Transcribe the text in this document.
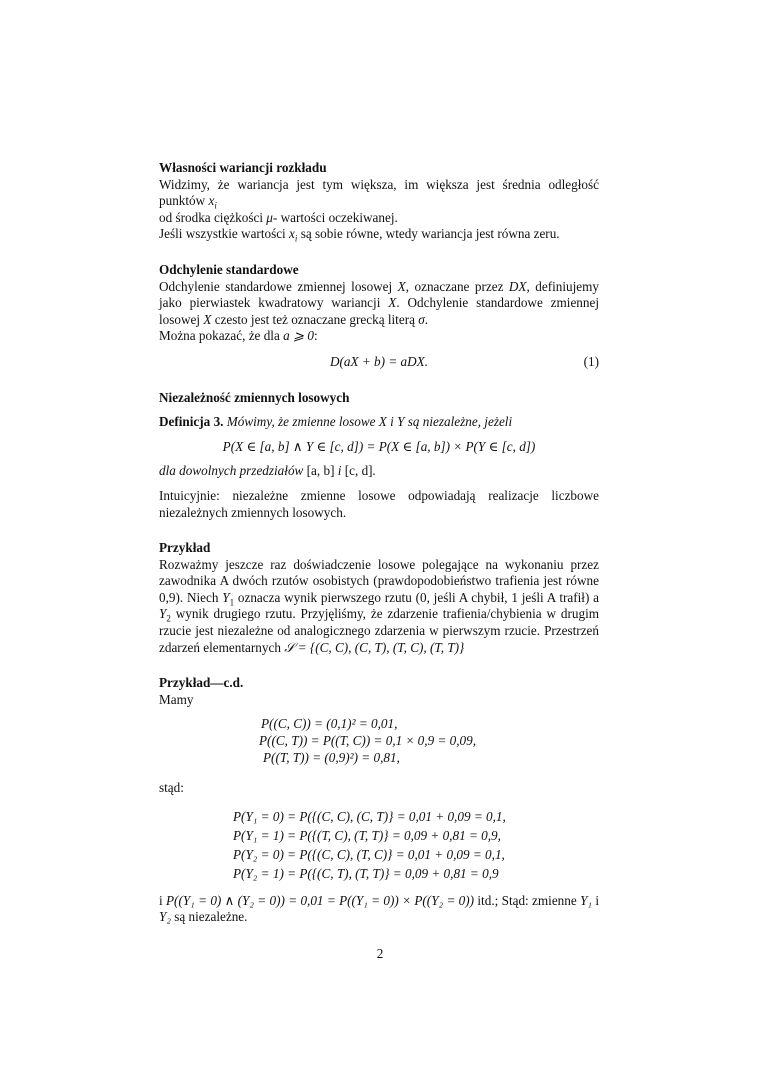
Własności wariancji rozkładu

Widzimy, że wariancja jest tym większa, im większa jest średnia odległość punktów $x_i$
od środka ciężkości μ- wartości oczekiwanej.
Jeśli wszystkie wartości $x_i$ są sobie równe, wtedy wariancja jest równa zeru.

Odchylenie standardowe

Odchylenie standardowe zmiennej losowej X, oznaczane przez DX, definiujemy jako pierwiastek kwadratowy wariancji X. Odchylenie standardowe zmiennej losowej X czesto jest też oznaczane grecką literą σ.
Można pokazać, że dla a ⩾ 0:

D(aX + b) = aDX.	(1)

Niezależność zmiennych losowych

Definicja 3. Mówimy, że zmienne losowe X i Y są niezależne, jeżeli

P(X ∈ [a, b] ∧ Y ∈ [c, d]) = P(X ∈ [a, b]) × P(Y ∈ [c, d])

dla dowolnych przedziałów [a, b] i [c, d].

Intuicyjnie: niezależne zmienne losowe odpowiadają realizacje liczbowe niezależnych zmiennych losowych.

Przykład

Rozważmy jeszcze raz doświadczenie losowe polegające na wykonaniu przez zawodnika A dwóch rzutów osobistych (prawdopodobieństwo trafienia jest równe 0,9). Niech $Y_1$ oznacza wynik pierwszego rzutu (0, jeśli A chybił, 1 jeśli A trafił) a $Y_2$ wynik drugiego rzutu. Przyjęliśmy, że zdarzenie trafienia/chybienia w drugim rzucie jest niezależne od analogicznego zdarzenia w pierwszym rzucie. Przestrzeń zdarzeń elementarnych 𝒮 = {(C, C), (C, T), (T, C), (T, T)}

Przykład—c.d.

Mamy

P((C, C)) = (0,1)² = 0,01,

P((C, T)) = P((T, C)) = 0,1 × 0,9 = 0,09,

P((T, T)) = (0,9)²) = 0,81,

stąd:

P(Y₁ = 0) = P({(C, C), (C, T)} = 0,01 + 0,09 = 0,1,

P(Y₁ = 1) = P({(T, C), (T, T)} = 0,09 + 0,81 = 0,9,

P(Y₂ = 0) = P({(C, C), (T, C)} = 0,01 + 0,09 = 0,1,

P(Y₂ = 1) = P({(C, T), (T, T)} = 0,09 + 0,81 = 0,9

i P((Y₁ = 0) ∧ (Y₂ = 0)) = 0,01 = P((Y₁ = 0)) × P((Y₂ = 0)) itd.; Stąd: zmienne Y₁ i Y₂ są niezależne.

2
